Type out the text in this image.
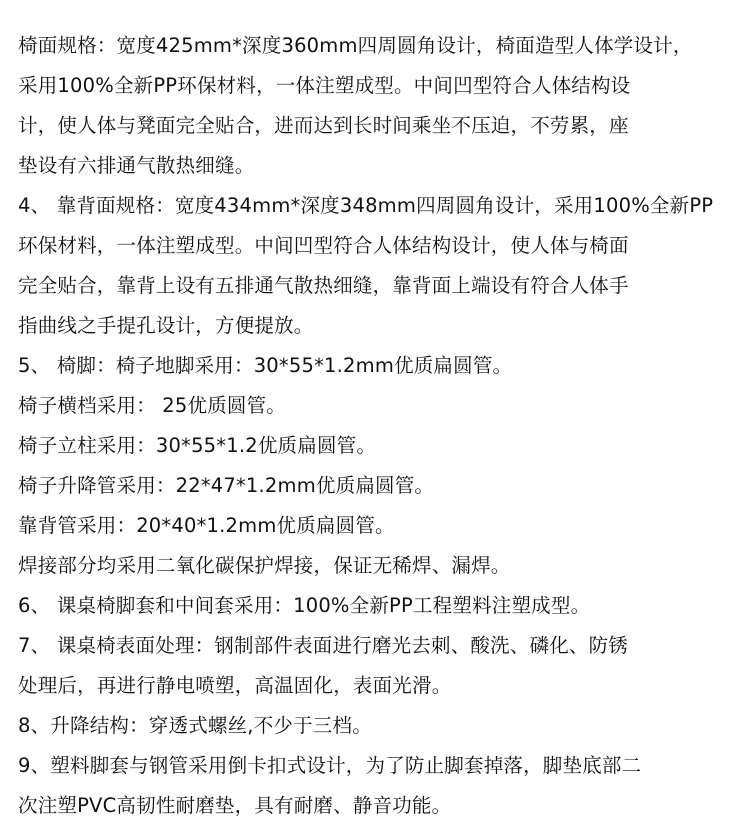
椅面规格：宽度425mm*深度360mm四周圆角设计，椅面造型人体学设计，
采用100%全新PP环保材料，一体注塑成型。中间凹型符合人体结构设
计，使人体与凳面完全贴合，进而达到长时间乘坐不压迫，不劳累，座
垫设有六排通气散热细缝。
4、 靠背面规格：宽度434mm*深度348mm四周圆角设计，采用100%全新PP
环保材料，一体注塑成型。中间凹型符合人体结构设计，使人体与椅面
完全贴合，靠背上设有五排通气散热细缝，靠背面上端设有符合人体手
指曲线之手提孔设计，方便提放。
5、 椅脚：椅子地脚采用：30*55*1.2mm优质扁圆管。
椅子横档采用： 25优质圆管。
椅子立柱采用：30*55*1.2优质扁圆管。
椅子升降管采用：22*47*1.2mm优质扁圆管。
靠背管采用：20*40*1.2mm优质扁圆管。
焊接部分均采用二氧化碳保护焊接，保证无稀焊、漏焊。
6、 课桌椅脚套和中间套采用：100%全新PP工程塑料注塑成型。
7、 课桌椅表面处理：钢制部件表面进行磨光去刺、酸洗、磷化、防锈
处理后，再进行静电喷塑，高温固化，表面光滑。
8、升降结构：穿透式螺丝,不少于三档。
9、塑料脚套与钢管采用倒卡扣式设计，为了防止脚套掉落，脚垫底部二
次注塑PVC高韧性耐磨垫，具有耐磨、静音功能。
